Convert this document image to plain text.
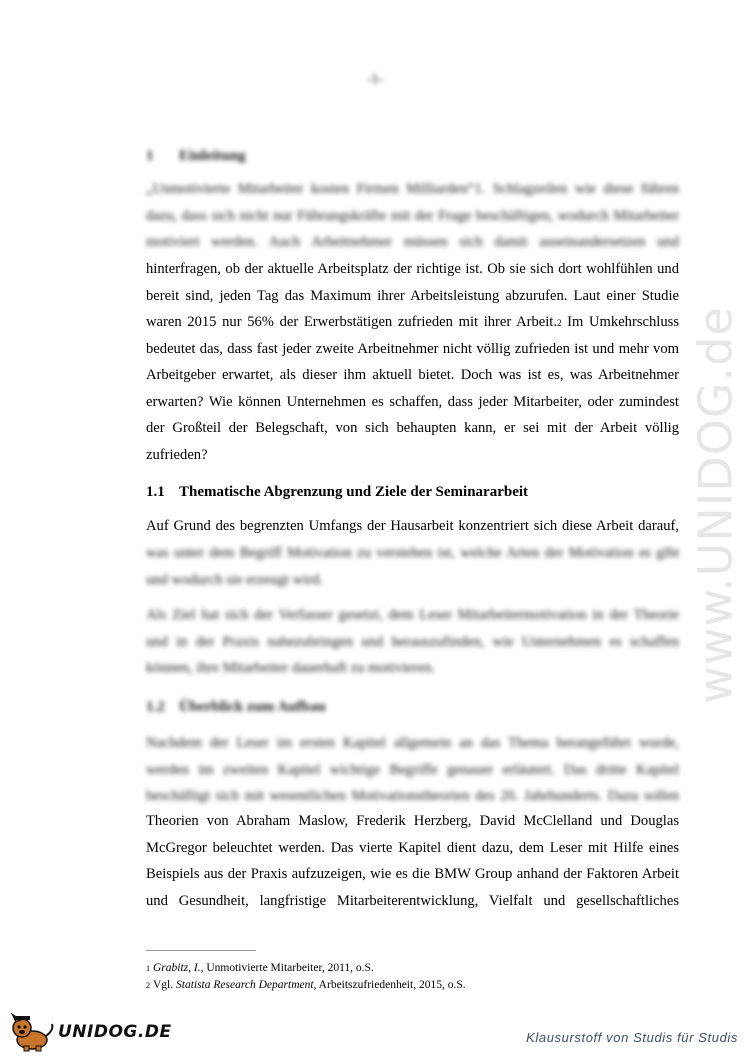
www.UNIDOG.de
-1-
1 Einleitung
„Unmotivierte Mitarbeiter kosten Firmen Milliarden“1. Schlagzeilen wie diese führen
dazu, dass sich nicht nur Führungskräfte mit der Frage beschäftigen, wodurch Mitarbeiter
motiviert werden. Auch Arbeitnehmer müssen sich damit auseinandersetzen und
hinterfragen, ob der aktuelle Arbeitsplatz der richtige ist. Ob sie sich dort wohlfühlen und
bereit sind, jeden Tag das Maximum ihrer Arbeitsleistung abzurufen. Laut einer Studie
waren 2015 nur 56% der Erwerbstätigen zufrieden mit ihrer Arbeit.2 Im Umkehrschluss
bedeutet das, dass fast jeder zweite Arbeitnehmer nicht völlig zufrieden ist und mehr vom
Arbeitgeber erwartet, als dieser ihm aktuell bietet. Doch was ist es, was Arbeitnehmer
erwarten? Wie können Unternehmen es schaffen, dass jeder Mitarbeiter, oder zumindest
der Großteil der Belegschaft, von sich behaupten kann, er sei mit der Arbeit völlig
zufrieden?
1.1 Thematische Abgrenzung und Ziele der Seminararbeit
Auf Grund des begrenzten Umfangs der Hausarbeit konzentriert sich diese Arbeit darauf,
was unter dem Begriff Motivation zu verstehen ist, welche Arten der Motivation es gibt
und wodurch sie erzeugt wird.
Als Ziel hat sich der Verfasser gesetzt, dem Leser Mitarbeitermotivation in der Theorie
und in der Praxis nahezubringen und herauszufinden, wie Unternehmen es schaffen
können, ihre Mitarbeiter dauerhaft zu motivieren.
1.2 Überblick zum Aufbau
Nachdem der Leser im ersten Kapitel allgemein an das Thema herangeführt wurde,
werden im zweiten Kapitel wichtige Begriffe genauer erläutert. Das dritte Kapitel
beschäftigt sich mit wesentlichen Motivationstheorien des 20. Jahrhunderts. Dazu sollen
Theorien von Abraham Maslow, Frederik Herzberg, David McClelland und Douglas
McGregor beleuchtet werden. Das vierte Kapitel dient dazu, dem Leser mit Hilfe eines
Beispiels aus der Praxis aufzuzeigen, wie es die BMW Group anhand der Faktoren Arbeit
und Gesundheit, langfristige Mitarbeiterentwicklung, Vielfalt und gesellschaftliches
1 Grabitz, I., Unmotivierte Mitarbeiter, 2011, o.S.
2 Vgl. Statista Research Department, Arbeitszufriedenheit, 2015, o.S.
UNIDOG.DE	Klausurstoff von Studis für Studis
